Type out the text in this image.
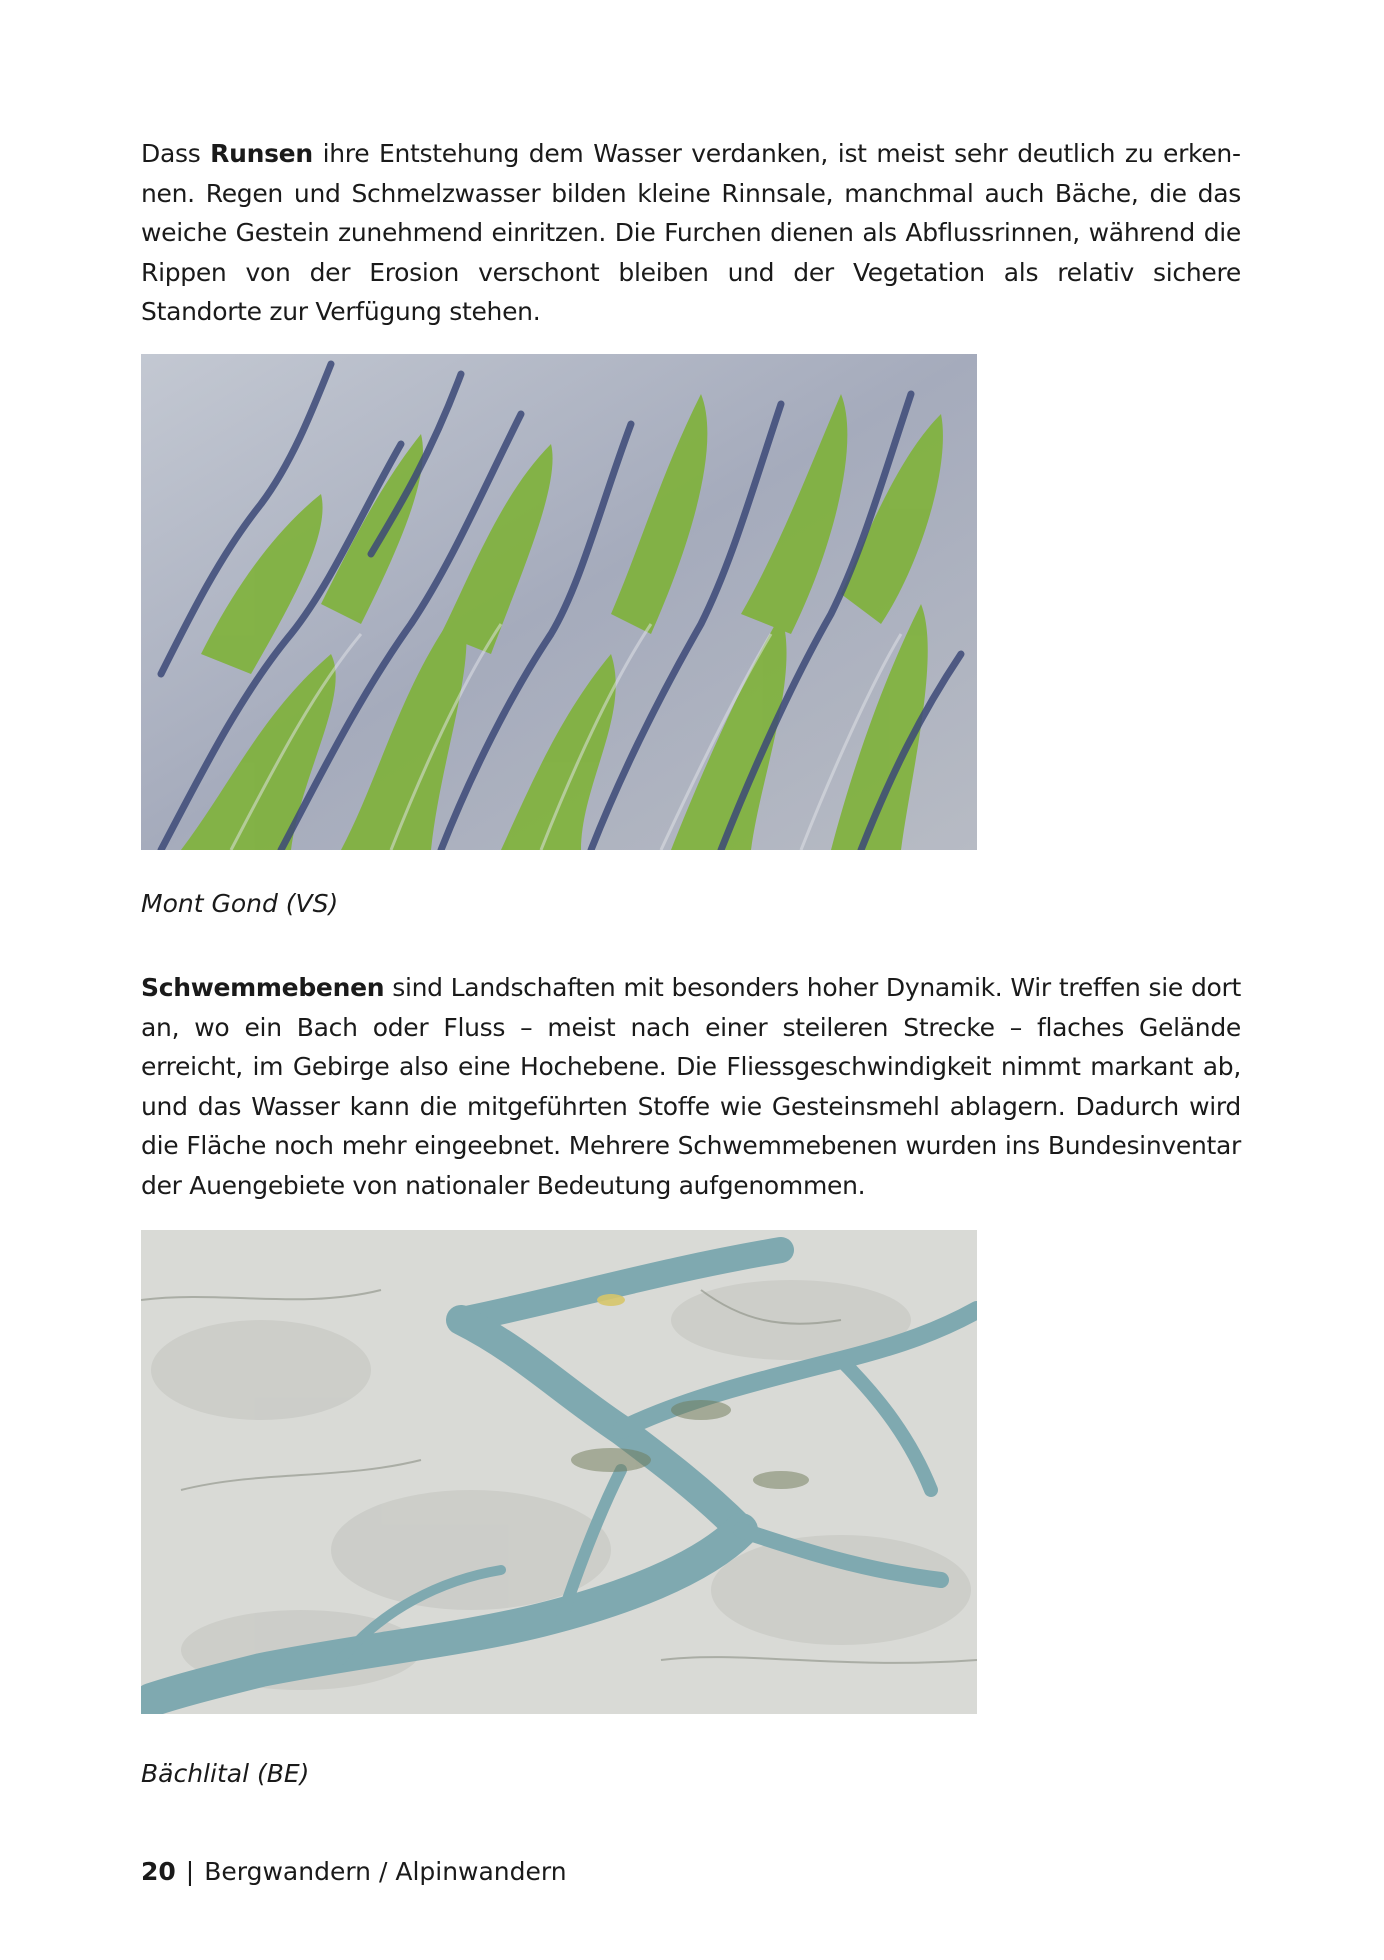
Dass Runsen ihre Entstehung dem Wasser verdanken, ist meist sehr deutlich zu erkennen. Regen und Schmelzwasser bilden kleine Rinnsale, manchmal auch Bäche, die das weiche Gestein zunehmend einritzen. Die Furchen dienen als Abflussrinnen, während die Rippen von der Erosion verschont bleiben und der Vegetation als relativ sichere Standorte zur Verfügung stehen.

Mont Gond (VS)

Schwemmebenen sind Landschaften mit besonders hoher Dynamik. Wir treffen sie dort an, wo ein Bach oder Fluss – meist nach einer steileren Strecke – flaches Gelände erreicht, im Gebirge also eine Hochebene. Die Fliessgeschwindigkeit nimmt markant ab, und das Wasser kann die mitgeführten Stoffe wie Gesteinsmehl ablagern. Dadurch wird die Fläche noch mehr eingeebnet. Mehrere Schwemmebenen wurden ins Bundesinventar der Auengebiete von nationaler Bedeutung aufgenommen.

Bächlital (BE)

20 | Bergwandern / Alpinwandern
